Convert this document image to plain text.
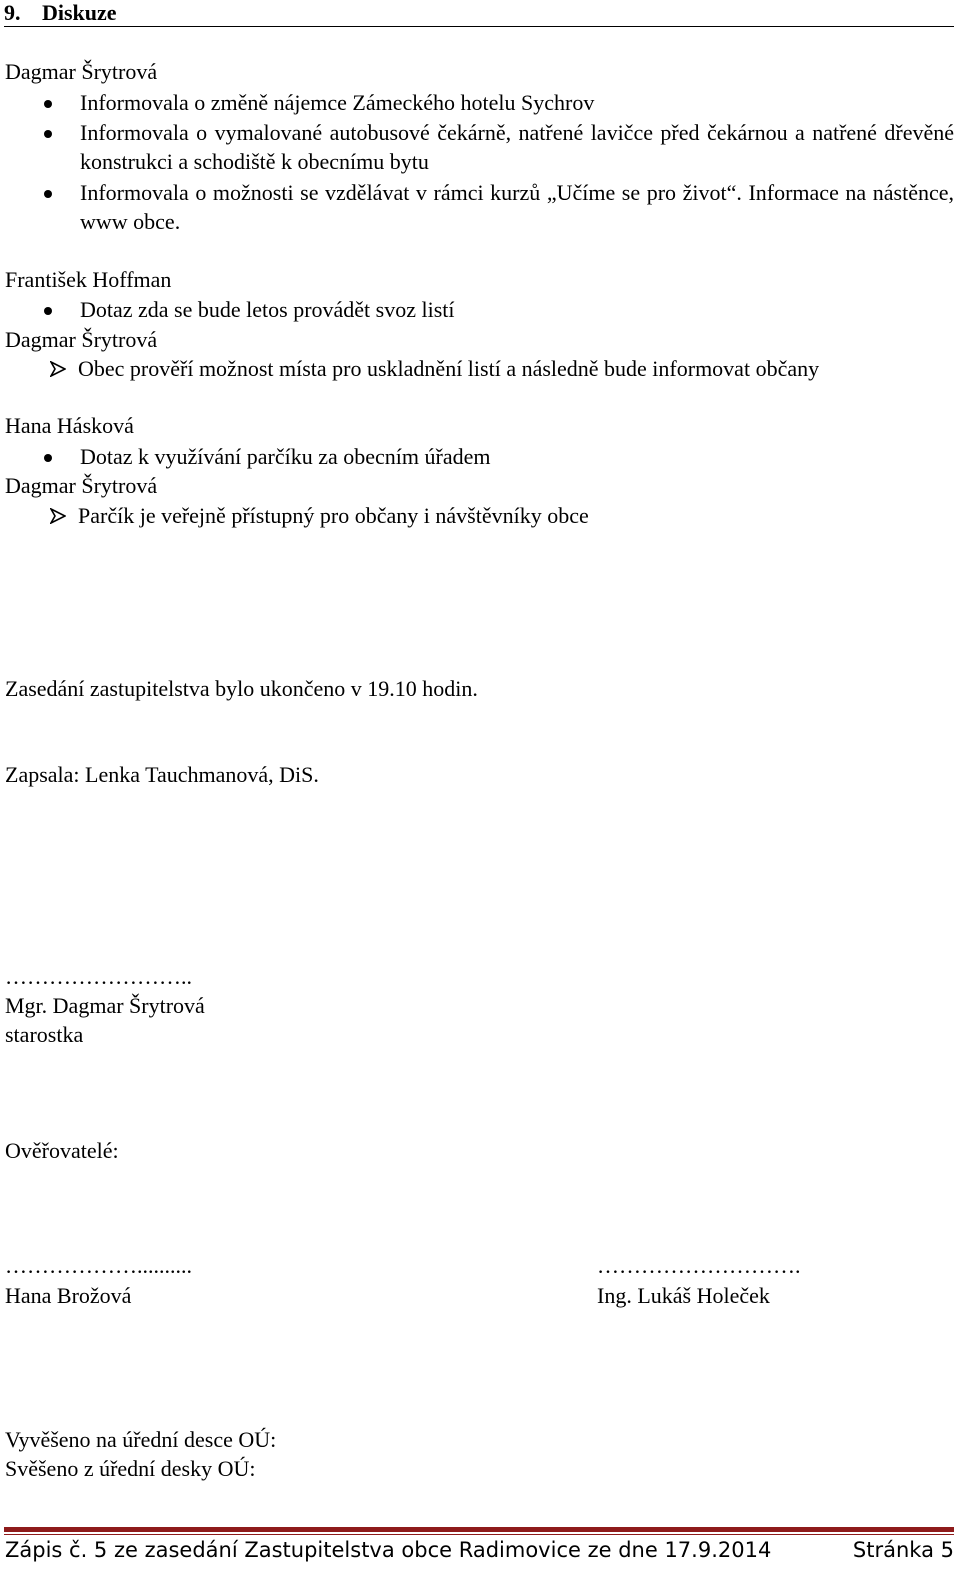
9. Diskuze
Dagmar Šrytrová
Informovala o změně nájemce Zámeckého hotelu Sychrov
Informovala o vymalované autobusové čekárně, natřené lavičce před čekárnou a natřené dřevěné konstrukci a schodiště k obecnímu bytu
Informovala o možnosti se vzdělávat v rámci kurzů „Učíme se pro život“. Informace na nástěnce, www obce.
František Hoffman
Dotaz zda se bude letos provádět svoz listí
Dagmar Šrytrová
Obec prověří možnost místa pro uskladnění listí a následně bude informovat občany
Hana Hásková
Dotaz k využívání parčíku za obecním úřadem
Dagmar Šrytrová
Parčík je veřejně přístupný pro občany i návštěvníky obce
Zasedání zastupitelstva bylo ukončeno v 19.10 hodin.
Zapsala: Lenka Tauchmanová, DiS.
……………………..
Mgr. Dagmar Šrytrová
starostka
Ověřovatelé:
………………..........
Hana Brožová
……………………….
Ing. Lukáš Holeček
Vyvěšeno na úřední desce OÚ:
Svěšeno z úřední desky OÚ:
Zápis č. 5 ze zasedání Zastupitelstva obce Radimovice ze dne 17.9.2014	Stránka 5
